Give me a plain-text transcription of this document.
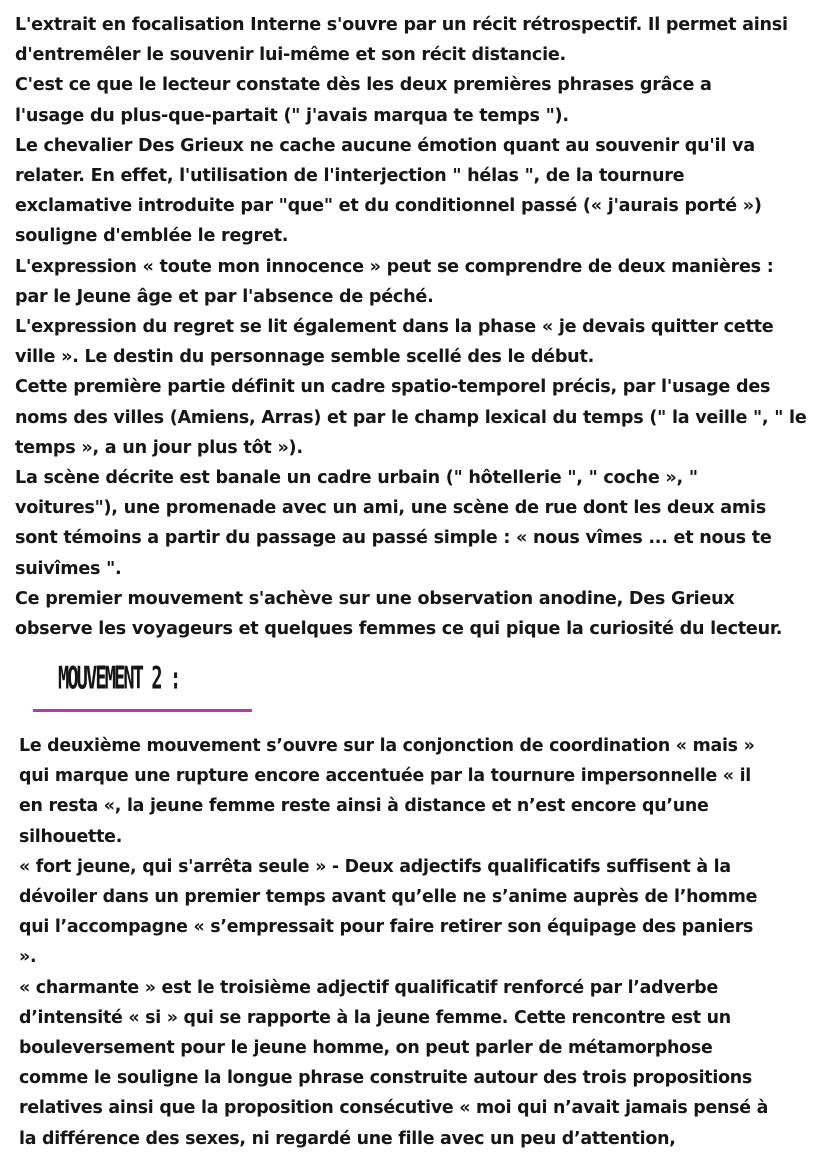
L'extrait en focalisation Interne s'ouvre par un récit rétrospectif. Il permet ainsi

d'entremêler le souvenir lui-même et son récit distancie.

C'est ce que le lecteur constate dès les deux premières phrases grâce a

l'usage du plus-que-partait (" j'avais marqua te temps ").

Le chevalier Des Grieux ne cache aucune émotion quant au souvenir qu'il va

relater. En effet, l'utilisation de l'interjection " hélas ", de la tournure

exclamative introduite par "que" et du conditionnel passé (« j'aurais porté »)

souligne d'emblée le regret.

L'expression « toute mon innocence » peut se comprendre de deux manières :

par le Jeune âge et par l'absence de péché.

L'expression du regret se lit également dans la phase « je devais quitter cette

ville ». Le destin du personnage semble scellé des le début.

Cette première partie définit un cadre spatio-temporel précis, par l'usage des

noms des villes (Amiens, Arras) et par le champ lexical du temps (" la veille ", " le

temps », a un jour plus tôt »).

La scène décrite est banale un cadre urbain (" hôtellerie ", " coche », "

voitures"), une promenade avec un ami, une scène de rue dont les deux amis

sont témoins a partir du passage au passé simple : « nous vîmes ... et nous te

suivîmes ".

Ce premier mouvement s'achève sur une observation anodine, Des Grieux

observe les voyageurs et quelques femmes ce qui pique la curiosité du lecteur.

MOUVEMENT 2 :

Le deuxième mouvement s’ouvre sur la conjonction de coordination « mais »

qui marque une rupture encore accentuée par la tournure impersonnelle « il

en resta «, la jeune femme reste ainsi à distance et n’est encore qu’une

silhouette.

« fort jeune, qui s'arrêta seule » - Deux adjectifs qualificatifs suffisent à la

dévoiler dans un premier temps avant qu’elle ne s’anime auprès de l’homme

qui l’accompagne « s’empressait pour faire retirer son équipage des paniers

».

« charmante » est le troisième adjectif qualificatif renforcé par l’adverbe

d’intensité « si » qui se rapporte à la jeune femme. Cette rencontre est un

bouleversement pour le jeune homme, on peut parler de métamorphose

comme le souligne la longue phrase construite autour des trois propositions

relatives ainsi que la proposition consécutive « moi qui n’avait jamais pensé à

la différence des sexes, ni regardé une fille avec un peu d’attention,
